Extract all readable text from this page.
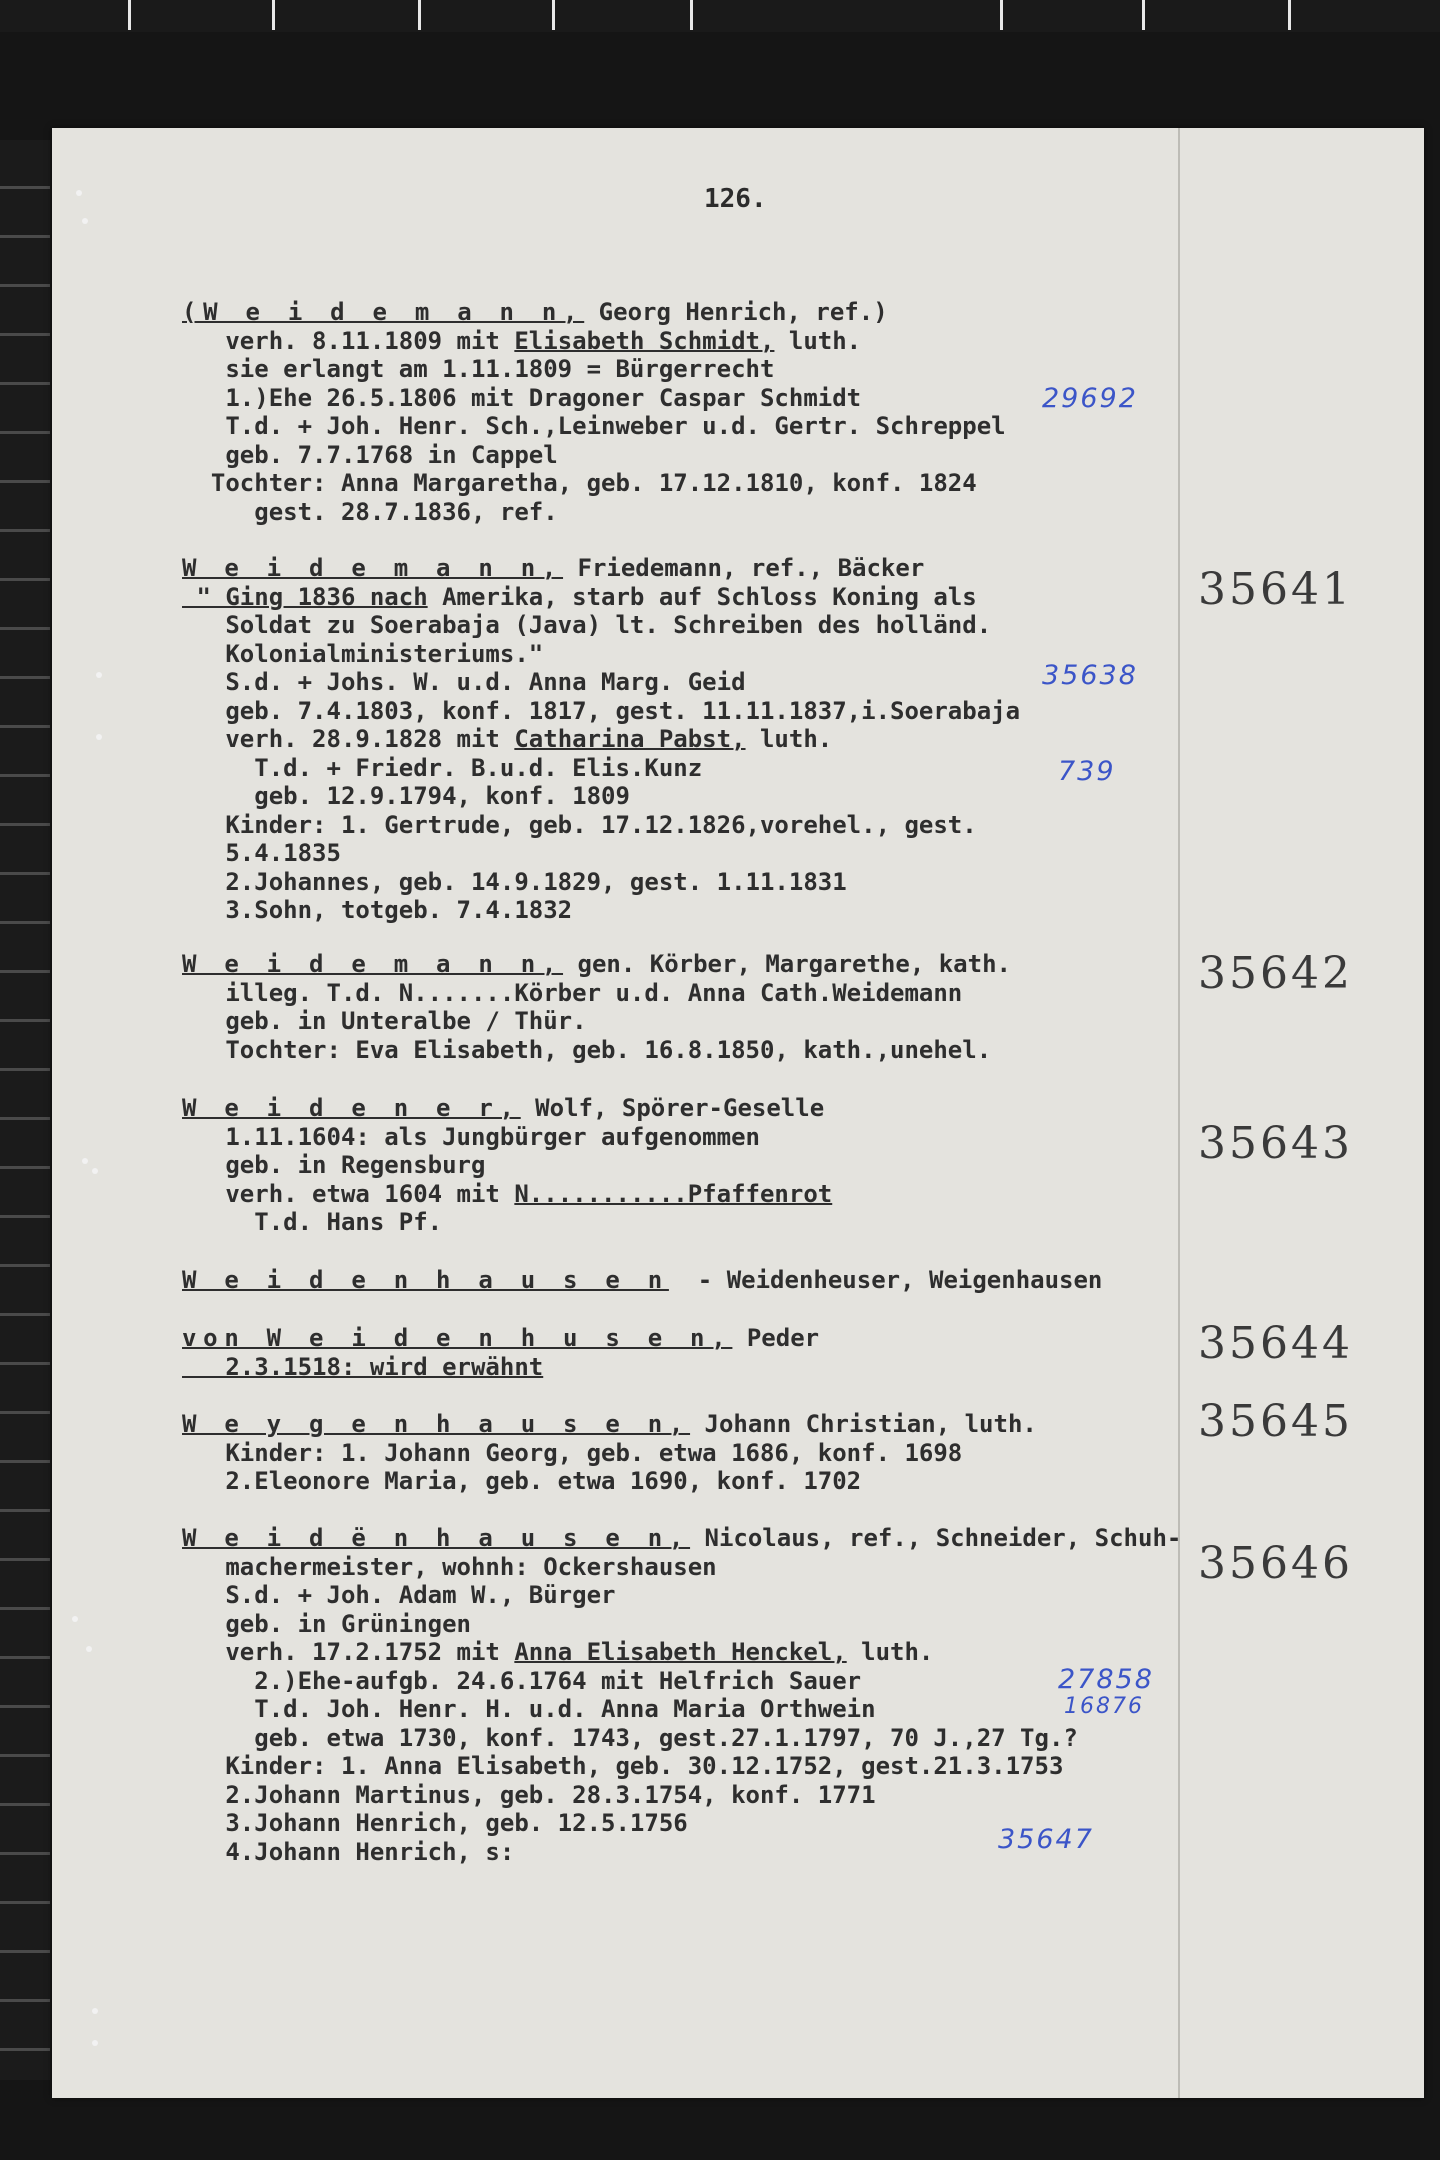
126.
(W e i d e m a n n, Georg Henrich, ref.)
verh. 8.11.1809 mit Elisabeth Schmidt, luth.
sie erlangt am 1.11.1809 = Bürgerrecht
1.)Ehe 26.5.1806 mit Dragoner Caspar Schmidt
T.d. + Joh. Henr. Sch.,Leinweber u.d. Gertr. Schreppel
geb. 7.7.1768 in Cappel
Tochter: Anna Margaretha, geb. 17.12.1810, konf. 1824
gest. 28.7.1836, ref.
29692
W e i d e m a n n, Friedemann, ref., Bäcker
" Ging 1836 nach Amerika, starb auf Schloss Koning als
Soldat zu Soerabaja (Java) lt. Schreiben des holländ.
Kolonialministeriums."
S.d. + Johs. W. u.d. Anna Marg. Geid
geb. 7.4.1803, konf. 1817, gest. 11.11.1837,i.Soerabaja
verh. 28.9.1828 mit Catharina Pabst, luth.
T.d. + Friedr. B.u.d. Elis.Kunz
geb. 12.9.1794, konf. 1809
Kinder: 1. Gertrude, geb. 17.12.1826,vorehel., gest.
5.4.1835
2.Johannes, geb. 14.9.1829, gest. 1.11.1831
3.Sohn, totgeb. 7.4.1832
35641
35638
739
W e i d e m a n n, gen. Körber, Margarethe, kath.
illeg. T.d. N.......Körber u.d. Anna Cath.Weidemann
geb. in Unteralbe / Thür.
Tochter: Eva Elisabeth, geb. 16.8.1850, kath.,unehel.
35642
W e i d e n e r, Wolf, Spörer-Geselle
1.11.1604: als Jungbürger aufgenommen
geb. in Regensburg
verh. etwa 1604 mit N...........Pfaffenrot
T.d. Hans Pf.
35643
W e i d e n h a u s e n  - Weidenheuser, Weigenhausen
von W e i d e n h u s e n, Peder
2.3.1518: wird erwähnt	35644
W e y g e n h a u s e n, Johann Christian, luth.
Kinder: 1. Johann Georg, geb. etwa 1686, konf. 1698
2.Eleonore Maria, geb. etwa 1690, konf. 1702
35645
W e i d ë n h a u s e n, Nicolaus, ref., Schneider, Schuh-
machermeister, wohnh: Ockershausen
S.d. + Joh. Adam W., Bürger
geb. in Grüningen
verh. 17.2.1752 mit Anna Elisabeth Henckel, luth.
2.)Ehe-aufgb. 24.6.1764 mit Helfrich Sauer
T.d. Joh. Henr. H. u.d. Anna Maria Orthwein
geb. etwa 1730, konf. 1743, gest.27.1.1797, 70 J.,27 Tg.?
Kinder: 1. Anna Elisabeth, geb. 30.12.1752, gest.21.3.1753
2.Johann Martinus, geb. 28.3.1754, konf. 1771
3.Johann Henrich, geb. 12.5.1756
4.Johann Henrich, s:
35646
27858
16876
35647
